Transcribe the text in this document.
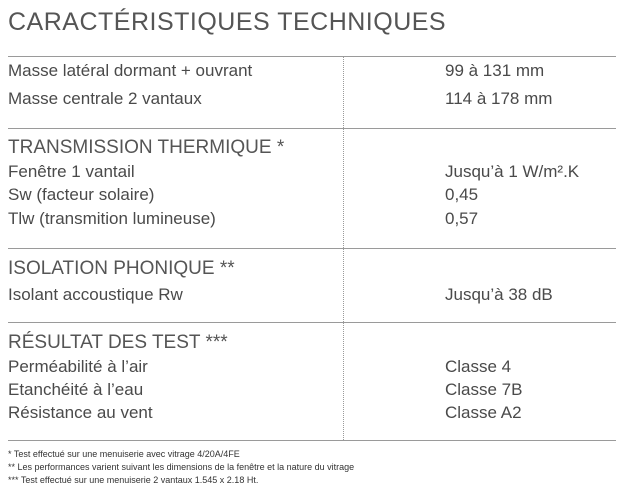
CARACTÉRISTIQUES TECHNIQUES
Masse latéral dormant + ouvrant	99 à 131 mm
Masse centrale 2 vantaux	114 à 178 mm
TRANSMISSION THERMIQUE *
Fenêtre 1 vantail	Jusqu’à 1 W/m².K
Sw (facteur solaire)	0,45
Tlw (transmition lumineuse)	0,57
ISOLATION PHONIQUE **
Isolant accoustique Rw	Jusqu’à 38 dB
RÉSULTAT DES TEST ***
Perméabilité à l’air	Classe 4
Etanchéité à l’eau	Classe 7B
Résistance au vent	Classe A2
* Test effectué sur une menuiserie avec vitrage 4/20A/4FE
** Les performances varient suivant les dimensions de la fenêtre et la nature du vitrage
*** Test effectué sur une menuiserie 2 vantaux 1.545 x 2.18 Ht.
